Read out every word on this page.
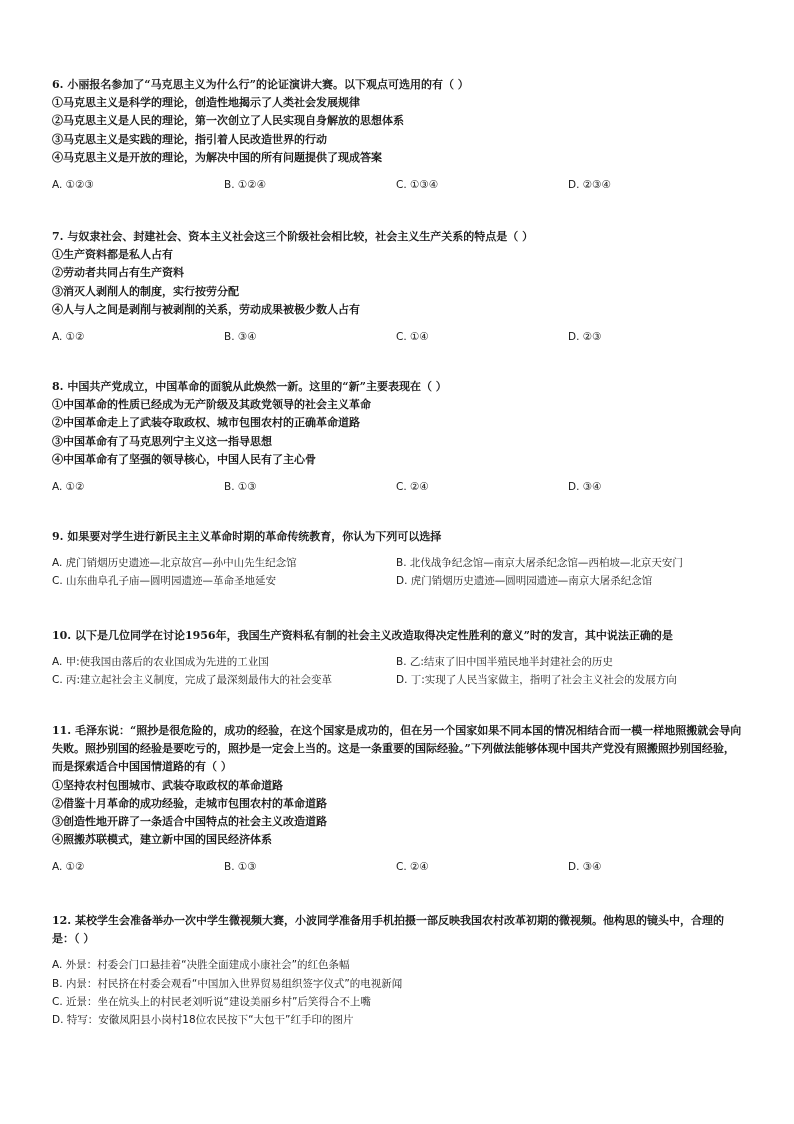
6. 小丽报名参加了“马克思主义为什么行”的论证演讲大赛。以下观点可选用的有（ ）
①马克思主义是科学的理论，创造性地揭示了人类社会发展规律
②马克思主义是人民的理论，第一次创立了人民实现自身解放的思想体系
③马克思主义是实践的理论，指引着人民改造世界的行动
④马克思主义是开放的理论，为解决中国的所有问题提供了现成答案
A. ①②③	B. ①②④	C. ①③④	D. ②③④
7. 与奴隶社会、封建社会、资本主义社会这三个阶级社会相比较，社会主义生产关系的特点是（ ）
①生产资料都是私人占有
②劳动者共同占有生产资料
③消灭人剥削人的制度，实行按劳分配
④人与人之间是剥削与被剥削的关系，劳动成果被极少数人占有
A. ①②	B. ③④	C. ①④	D. ②③
8. 中国共产党成立，中国革命的面貌从此焕然一新。这里的“新”主要表现在（ ）
①中国革命的性质已经成为无产阶级及其政党领导的社会主义革命
②中国革命走上了武装夺取政权、城市包围农村的正确革命道路
③中国革命有了马克思列宁主义这一指导思想
④中国革命有了坚强的领导核心，中国人民有了主心骨
A. ①②	B. ①③	C. ②④	D. ③④
9. 如果要对学生进行新民主主义革命时期的革命传统教育，你认为下列可以选择
A. 虎门销烟历史遗迹—北京故宫—孙中山先生纪念馆	B. 北伐战争纪念馆—南京大屠杀纪念馆—西柏坡—北京天安门
C. 山东曲阜孔子庙—圆明园遗迹—革命圣地延安	D. 虎门销烟历史遗迹—圆明园遗迹—南京大屠杀纪念馆
10. 以下是几位同学在讨论1956年，我国生产资料私有制的社会主义改造取得决定性胜利的意义”时的发言，其中说法正确的是
A. 甲:使我国由落后的农业国成为先进的工业国	B. 乙:结束了旧中国半殖民地半封建社会的历史
C. 丙:建立起社会主义制度，完成了最深刻最伟大的社会变革	D. 丁:实现了人民当家做主，指明了社会主义社会的发展方向
11. 毛泽东说：“照抄是很危险的，成功的经验，在这个国家是成功的，但在另一个国家如果不同本国的情况相结合而一模一样地照搬就会导向失败。照抄别国的经验是要吃亏的，照抄是一定会上当的。这是一条重要的国际经验。”下列做法能够体现中国共产党没有照搬照抄别国经验，而是探索适合中国国情道路的有（ ）
①坚持农村包围城市、武装夺取政权的革命道路
②借鉴十月革命的成功经验，走城市包围农村的革命道路
③创造性地开辟了一条适合中国特点的社会主义改造道路
④照搬苏联模式，建立新中国的国民经济体系
A. ①②	B. ①③	C. ②④	D. ③④
12. 某校学生会准备举办一次中学生微视频大赛，小波同学准备用手机拍摄一部反映我国农村改革初期的微视频。他构思的镜头中，合理的是：（ ）
A. 外景：村委会门口悬挂着“决胜全面建成小康社会”的红色条幅
B. 内景：村民挤在村委会观看“中国加入世界贸易组织签字仪式”的电视新闻
C. 近景：坐在炕头上的村民老刘听说“建设美丽乡村”后笑得合不上嘴
D. 特写：安徽凤阳县小岗村18位农民按下“大包干”红手印的图片
